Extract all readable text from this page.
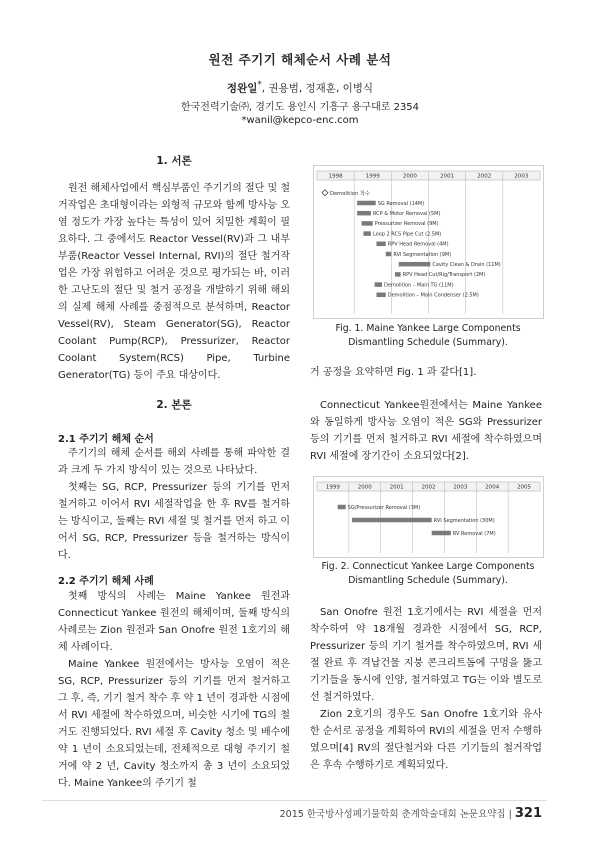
원전 주기기 해체순서 사례 분석
정완일*, 권용범, 정재훈, 이병식
한국전력기술㈜, 경기도 용인시 기흥구 용구대로 2354
*wanil@kepco-enc.com
1. 서론
원전 해체사업에서 핵심부품인 주기기의 절단 및 철거작업은 초대형이라는 외형적 규모와 함께 방사능 오염 정도가 가장 높다는 특성이 있어 치밀한 계획이 필요하다. 그 중에서도 Reactor Vessel(RV)과 그 내부부품(Reactor Vessel Internal, RVI)의 절단 철거작업은 가장 위험하고 어려운 것으로 평가되는 바, 이러한 고난도의 절단 및 철거 공정을 개발하기 위해 해외의 실제 해체 사례를 중점적으로 분석하며, Reactor Vessel(RV), Steam Generator(SG), Reactor Coolant Pump(RCP), Pressurizer, Reactor Coolant System(RCS) Pipe, Turbine Generator(TG) 등이 주요 대상이다.
2. 본론
2.1 주기기 해체 순서
주기기의 해체 순서를 해외 사례를 통해 파악한 결과 크게 두 가지 방식이 있는 것으로 나타났다.
첫째는 SG, RCP, Pressurizer 등의 기기를 먼저 철거하고 이어서 RVI 세절작업을 한 후 RV를 철거하는 방식이고, 둘째는 RVI 세절 및 철거를 먼저 하고 이어서 SG, RCP, Pressurizer 등을 철거하는 방식이다.
2.2 주기기 해체 사례
첫째 방식의 사례는 Maine Yankee 원전과 Connecticut Yankee 원전의 해체이며, 둘째 방식의 사례로는 Zion 원전과 San Onofre 원전 1호기의 해체 사례이다.
Maine Yankee 원전에서는 방사능 오염이 적은 SG, RCP, Pressurizer 등의 기기를 먼저 철거하고 그 후, 즉, 기기 철거 착수 후 약 1 년이 경과한 시점에서 RVI 세절에 착수하였으며, 비슷한 시기에 TG의 철거도 진행되었다. RVI 세절 후 Cavity 청소 및 배수에 약 1 년이 소요되었는데, 전체적으로 대형 주기기 철거에 약 2 년, Cavity 청소까지 총 3 년이 소요되었다. Maine Yankee의 주기기 철
1998	1999	2000	2001	2002	2003
Demolition 착수
SG Removal (14M)
RCP & Motor Removal (5M)
Pressurizer Removal (9M)
Loop 2 RCS Pipe Cut (2.5M)
RPV Head Removal (4M)
RVI Segmentation (9M)
Cavity Clean & Drain (11M)
RPV Head Cut/Rig/Transport (2M)
Demolition – Main TG (11M)
Demolition – Main Condenser (2.5M)
Fig. 1. Maine Yankee Large Components Dismantling Schedule (Summary).
거 공정을 요약하면 Fig. 1 과 같다[1].
Connecticut Yankee원전에서는 Maine Yankee와 동일하게 방사능 오염이 적은 SG와 Pressurizer 등의 기기를 먼저 철거하고 RVI 세절에 착수하였으며 RVI 세절에 장기간이 소요되었다[2].
1999	2000	2001	2002	2003	2004	2005
SG/Pressurizer Removal (3M)
RVI Segmentation (30M)
RV Removal (7M)
Fig. 2. Connecticut Yankee Large Components Dismantling Schedule (Summary).
San Onofre 원전 1호기에서는 RVI 세절을 먼저 착수하여 약 18개월 경과한 시점에서 SG, RCP, Pressurizer 등의 기기 철거를 착수하였으며, RVI 세절 완료 후 격납건물 지붕 콘크리트돔에 구멍을 뚫고 기기들을 동시에 인양, 철거하였고 TG는 이와 별도로 선 철거하였다.
Zion 2호기의 경우도 San Onofre 1호기와 유사한 순서로 공정을 계획하여 RVI의 세절을 먼저 수행하였으며[4] RV의 절단철거와 다른 기기들의 철거작업은 후속 수행하기로 계획되었다.
2015 한국방사성폐기물학회 춘계학술대회 논문요약집 | 321
